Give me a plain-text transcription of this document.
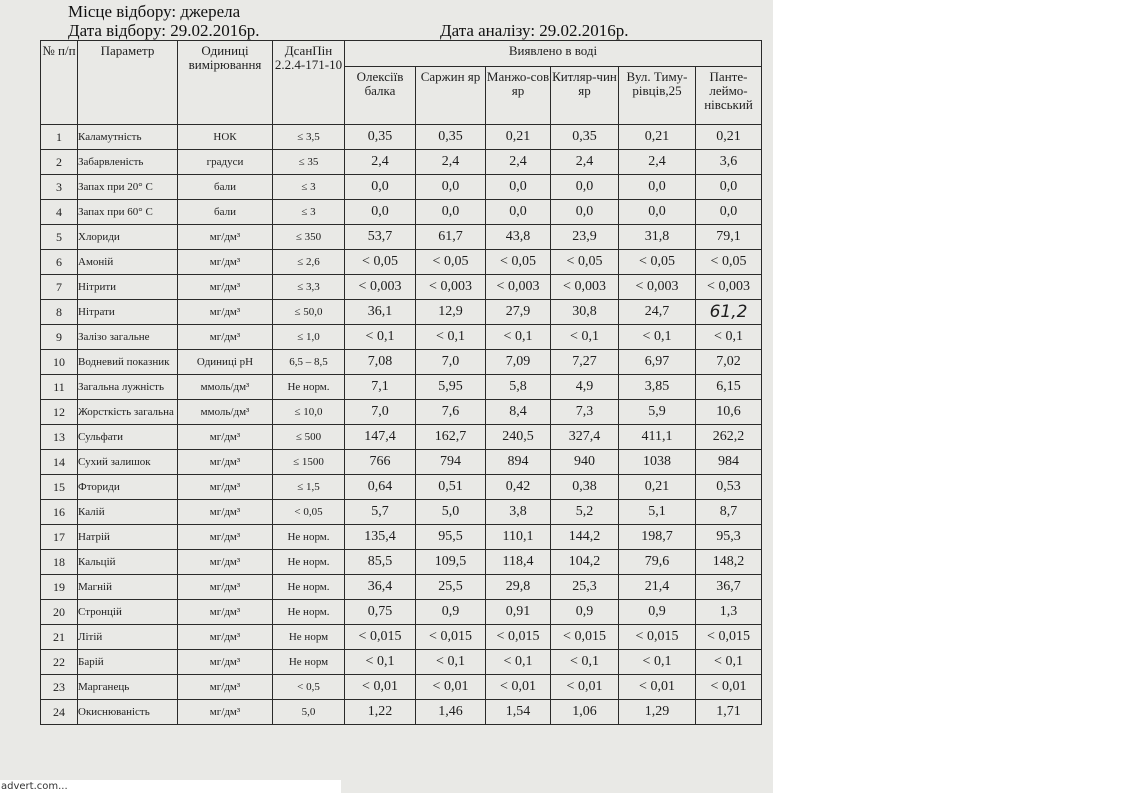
Місце відбору: джерела
Дата відбору: 29.02.2016р.	Дата аналізу: 29.02.2016р.
№ п/п	Параметр	Одиниці вимірювання	ДсанПін 2.2.4-171-10	Виявлено в воді					
				Олексіїв балка	Саржин яр	Манжо-сов яр	Китляр-чин яр	Вул. Тиму-рівців,25	Панте-леймо-нівський
1	Каламутність	НОК	≤ 3,5	0,35	0,35	0,21	0,35	0,21	0,21
2	Забарвленість	градуси	≤ 35	2,4	2,4	2,4	2,4	2,4	3,6
3	Запах при 20° С	бали	≤ 3	0,0	0,0	0,0	0,0	0,0	0,0
4	Запах при 60° С	бали	≤ 3	0,0	0,0	0,0	0,0	0,0	0,0
5	Хлориди	мг/дм³	≤ 350	53,7	61,7	43,8	23,9	31,8	79,1
6	Амоній	мг/дм³	≤ 2,6	< 0,05	< 0,05	< 0,05	< 0,05	< 0,05	< 0,05
7	Нітрити	мг/дм³	≤ 3,3	< 0,003	< 0,003	< 0,003	< 0,003	< 0,003	< 0,003
8	Нітрати	мг/дм³	≤ 50,0	36,1	12,9	27,9	30,8	24,7	61,2
9	Залізо загальне	мг/дм³	≤ 1,0	< 0,1	< 0,1	< 0,1	< 0,1	< 0,1	< 0,1
10	Водневий показник	Одиниці pH	6,5 – 8,5	7,08	7,0	7,09	7,27	6,97	7,02
11	Загальна лужність	ммоль/дм³	Не норм.	7,1	5,95	5,8	4,9	3,85	6,15
12	Жорсткість загальна	ммоль/дм³	≤ 10,0	7,0	7,6	8,4	7,3	5,9	10,6
13	Сульфати	мг/дм³	≤ 500	147,4	162,7	240,5	327,4	411,1	262,2
14	Сухий залишок	мг/дм³	≤ 1500	766	794	894	940	1038	984
15	Фториди	мг/дм³	≤ 1,5	0,64	0,51	0,42	0,38	0,21	0,53
16	Калій	мг/дм³	< 0,05	5,7	5,0	3,8	5,2	5,1	8,7
17	Натрій	мг/дм³	Не норм.	135,4	95,5	110,1	144,2	198,7	95,3
18	Кальцій	мг/дм³	Не норм.	85,5	109,5	118,4	104,2	79,6	148,2
19	Магній	мг/дм³	Не норм.	36,4	25,5	29,8	25,3	21,4	36,7
20	Стронцій	мг/дм³	Не норм.	0,75	0,9	0,91	0,9	0,9	1,3
21	Літій	мг/дм³	Не норм	< 0,015	< 0,015	< 0,015	< 0,015	< 0,015	< 0,015
22	Барій	мг/дм³	Не норм	< 0,1	< 0,1	< 0,1	< 0,1	< 0,1	< 0,1
23	Марганець	мг/дм³	< 0,5	< 0,01	< 0,01	< 0,01	< 0,01	< 0,01	< 0,01
24	Окиснюваність	мг/дм³	5,0	1,22	1,46	1,54	1,06	1,29	1,71
advert.com...
